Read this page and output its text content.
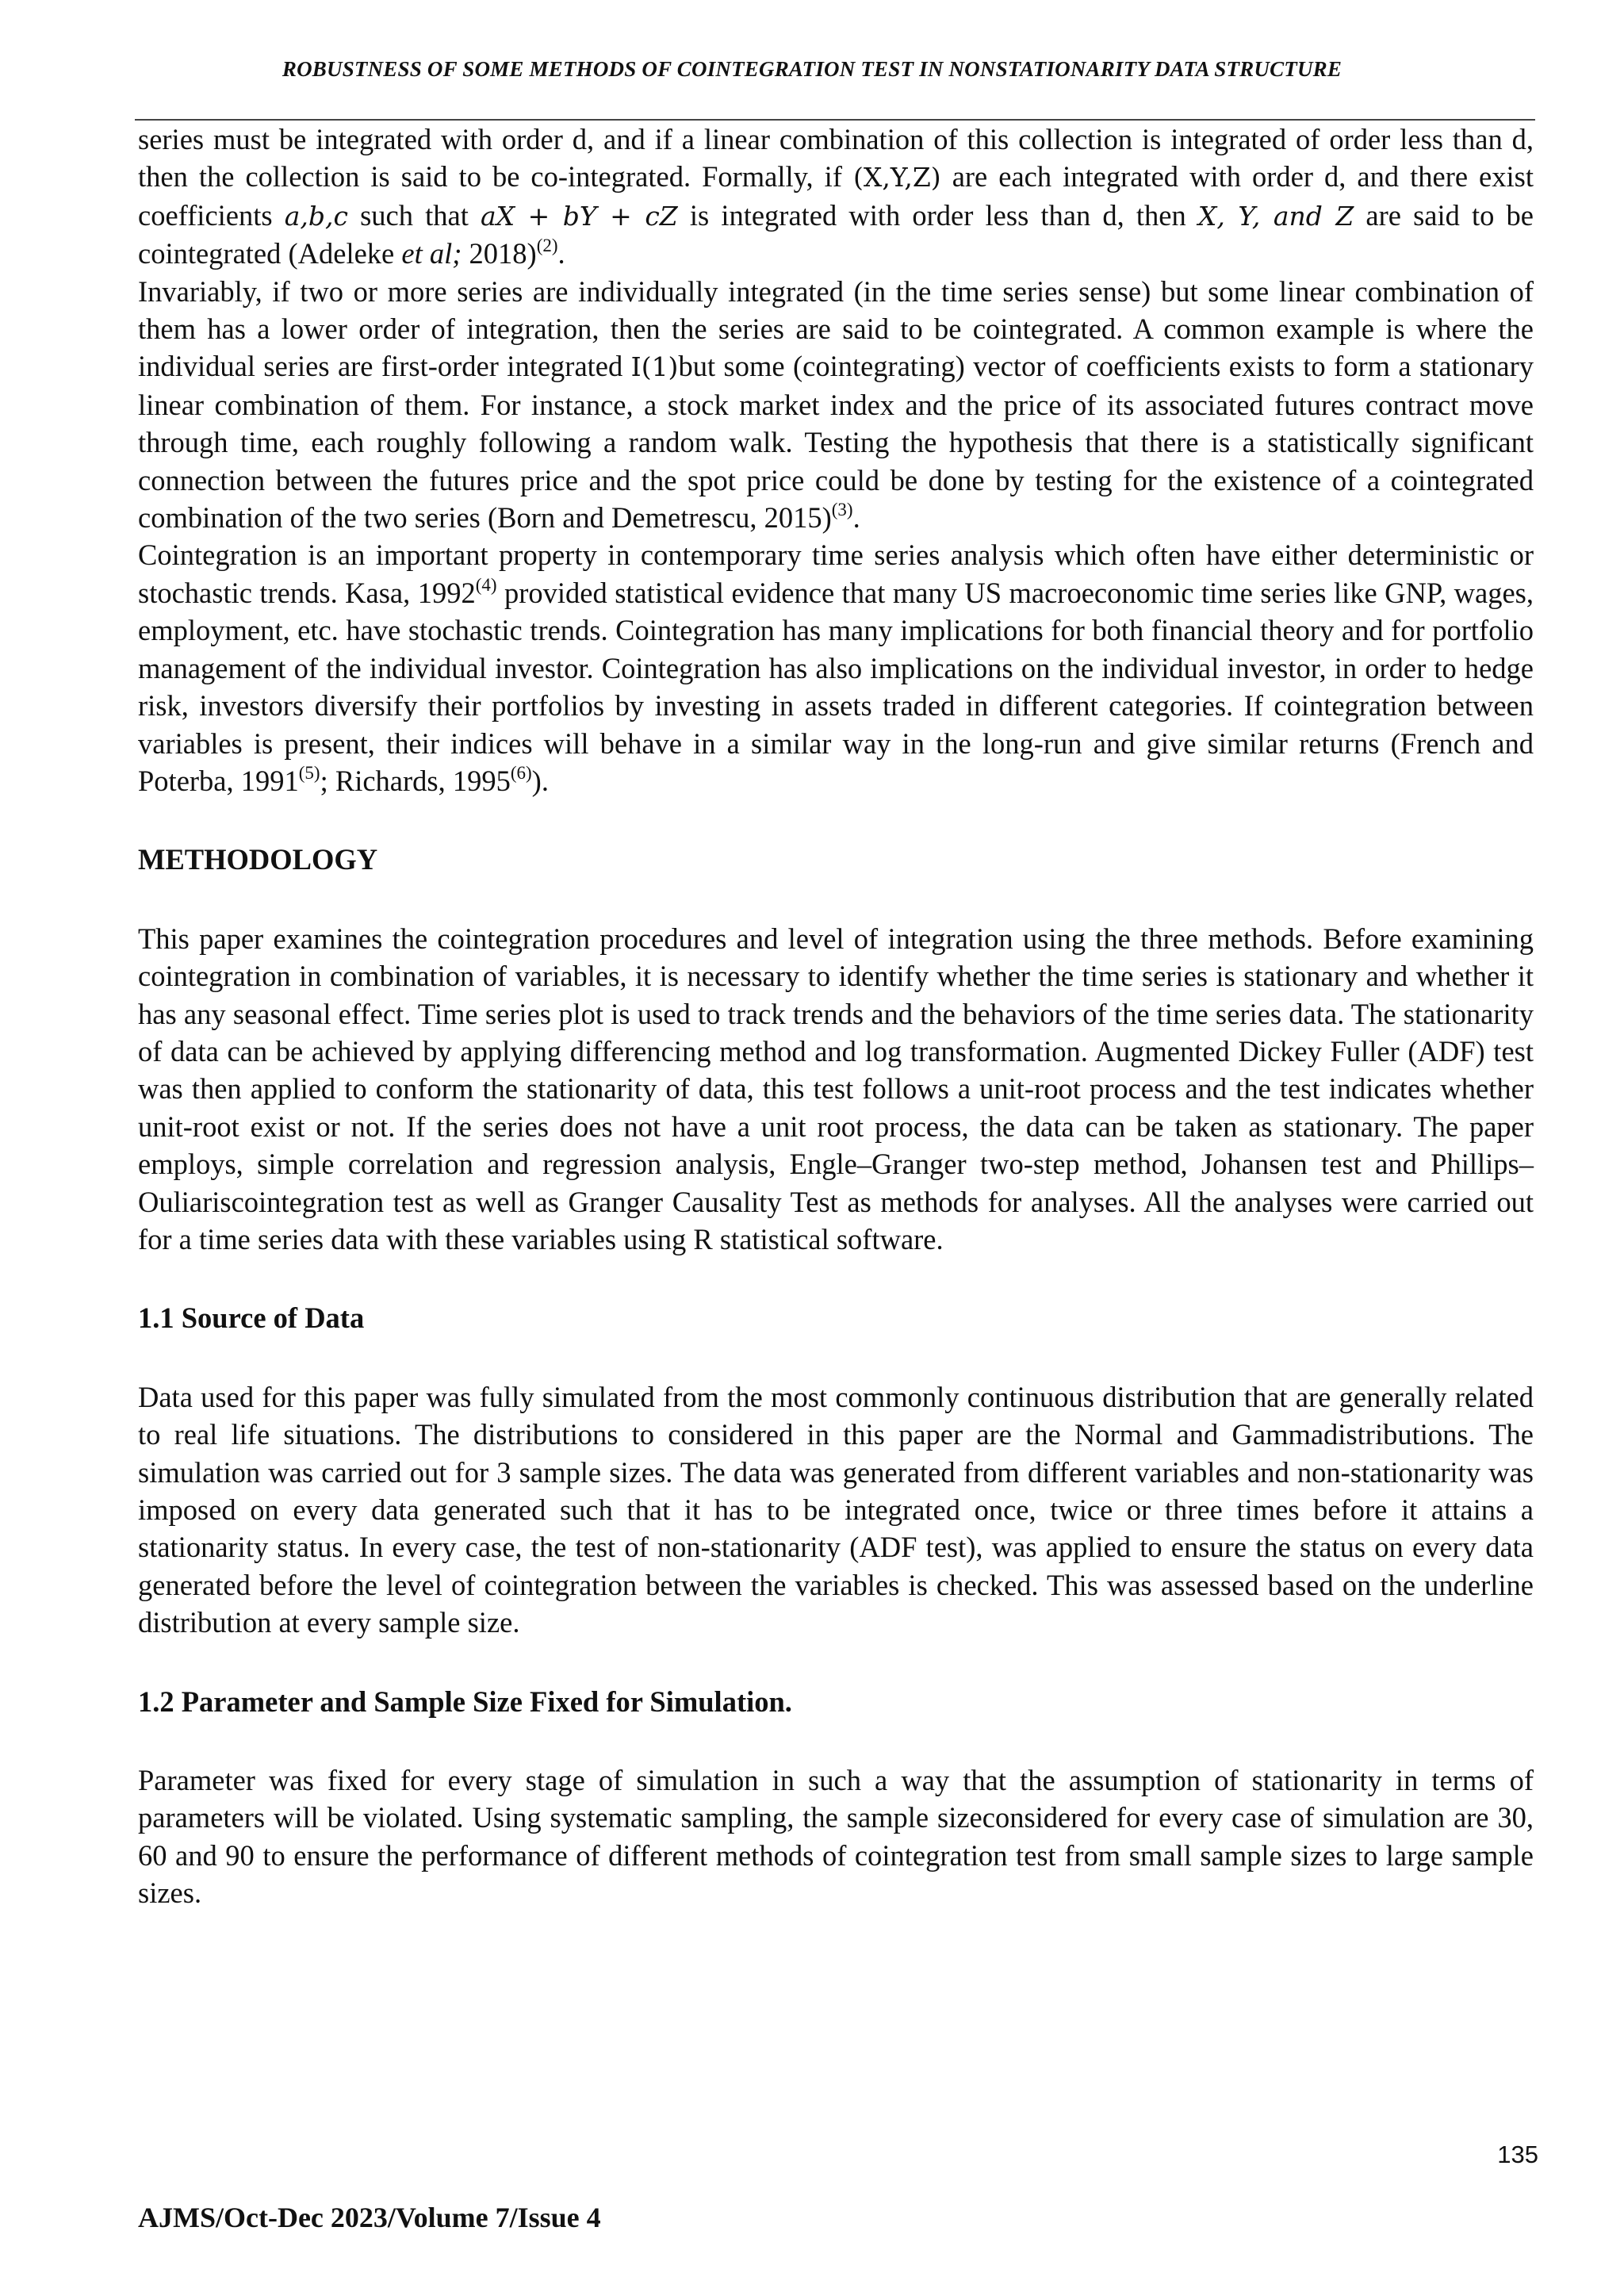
ROBUSTNESS OF SOME METHODS OF COINTEGRATION TEST IN NONSTATIONARITY DATA STRUCTURE

series must be integrated with order d, and if a linear combination of this collection is integrated of order less than d, then the collection is said to be co-integrated. Formally, if (X,Y,Z) are each integrated with order d, and there exist coefficients a,b,c such that aX + bY + cZ is integrated with order less than d, then X, Y, and Z are said to be cointegrated (Adeleke et al; 2018)$^{(2)}$.

Invariably, if two or more series are individually integrated (in the time series sense) but some linear combination of them has a lower order of integration, then the series are said to be cointegrated. A common example is where the individual series are first-order integrated I(1)but some (cointegrating) vector of coefficients exists to form a stationary linear combination of them. For instance, a stock market index and the price of its associated futures contract move through time, each roughly following a random walk. Testing the hypothesis that there is a statistically significant connection between the futures price and the spot price could be done by testing for the existence of a cointegrated combination of the two series (Born and Demetrescu, 2015)$^{(3)}$.

Cointegration is an important property in contemporary time series analysis which often have either deterministic or stochastic trends. Kasa, 1992$^{(4)}$ provided statistical evidence that many US macroeconomic time series like GNP, wages, employment, etc. have stochastic trends. Cointegration has many implications for both financial theory and for portfolio management of the individual investor. Cointegration has also implications on the individual investor, in order to hedge risk, investors diversify their portfolios by investing in assets traded in different categories. If cointegration between variables is present, their indices will behave in a similar way in the long-run and give similar returns (French and Poterba, 1991$^{(5)}$; Richards, 1995$^{(6)}$).

METHODOLOGY

This paper examines the cointegration procedures and level of integration using the three methods. Before examining cointegration in combination of variables, it is necessary to identify whether the time series is stationary and whether it has any seasonal effect. Time series plot is used to track trends and the behaviors of the time series data. The stationarity of data can be achieved by applying differencing method and log transformation. Augmented Dickey Fuller (ADF) test was then applied to conform the stationarity of data, this test follows a unit-root process and the test indicates whether unit-root exist or not. If the series does not have a unit root process, the data can be taken as stationary. The paper employs, simple correlation and regression analysis, Engle–Granger two-step method, Johansen test and Phillips–Ouliariscointegration test as well as Granger Causality Test as methods for analyses. All the analyses were carried out for a time series data with these variables using R statistical software.

1.1 Source of Data

Data used for this paper was fully simulated from the most commonly continuous distribution that are generally related to real life situations. The distributions to considered in this paper are the Normal and Gammadistributions. The simulation was carried out for 3 sample sizes. The data was generated from different variables and non-stationarity was imposed on every data generated such that it has to be integrated once, twice or three times before it attains a stationarity status. In every case, the test of non-stationarity (ADF test), was applied to ensure the status on every data generated before the level of cointegration between the variables is checked. This was assessed based on the underline distribution at every sample size.

1.2 Parameter and Sample Size Fixed for Simulation.

Parameter was fixed for every stage of simulation in such a way that the assumption of stationarity in terms of parameters will be violated. Using systematic sampling, the sample sizeconsidered for every case of simulation are 30, 60 and 90 to ensure the performance of different methods of cointegration test from small sample sizes to large sample sizes.

135
AJMS/Oct-Dec 2023/Volume 7/Issue 4
